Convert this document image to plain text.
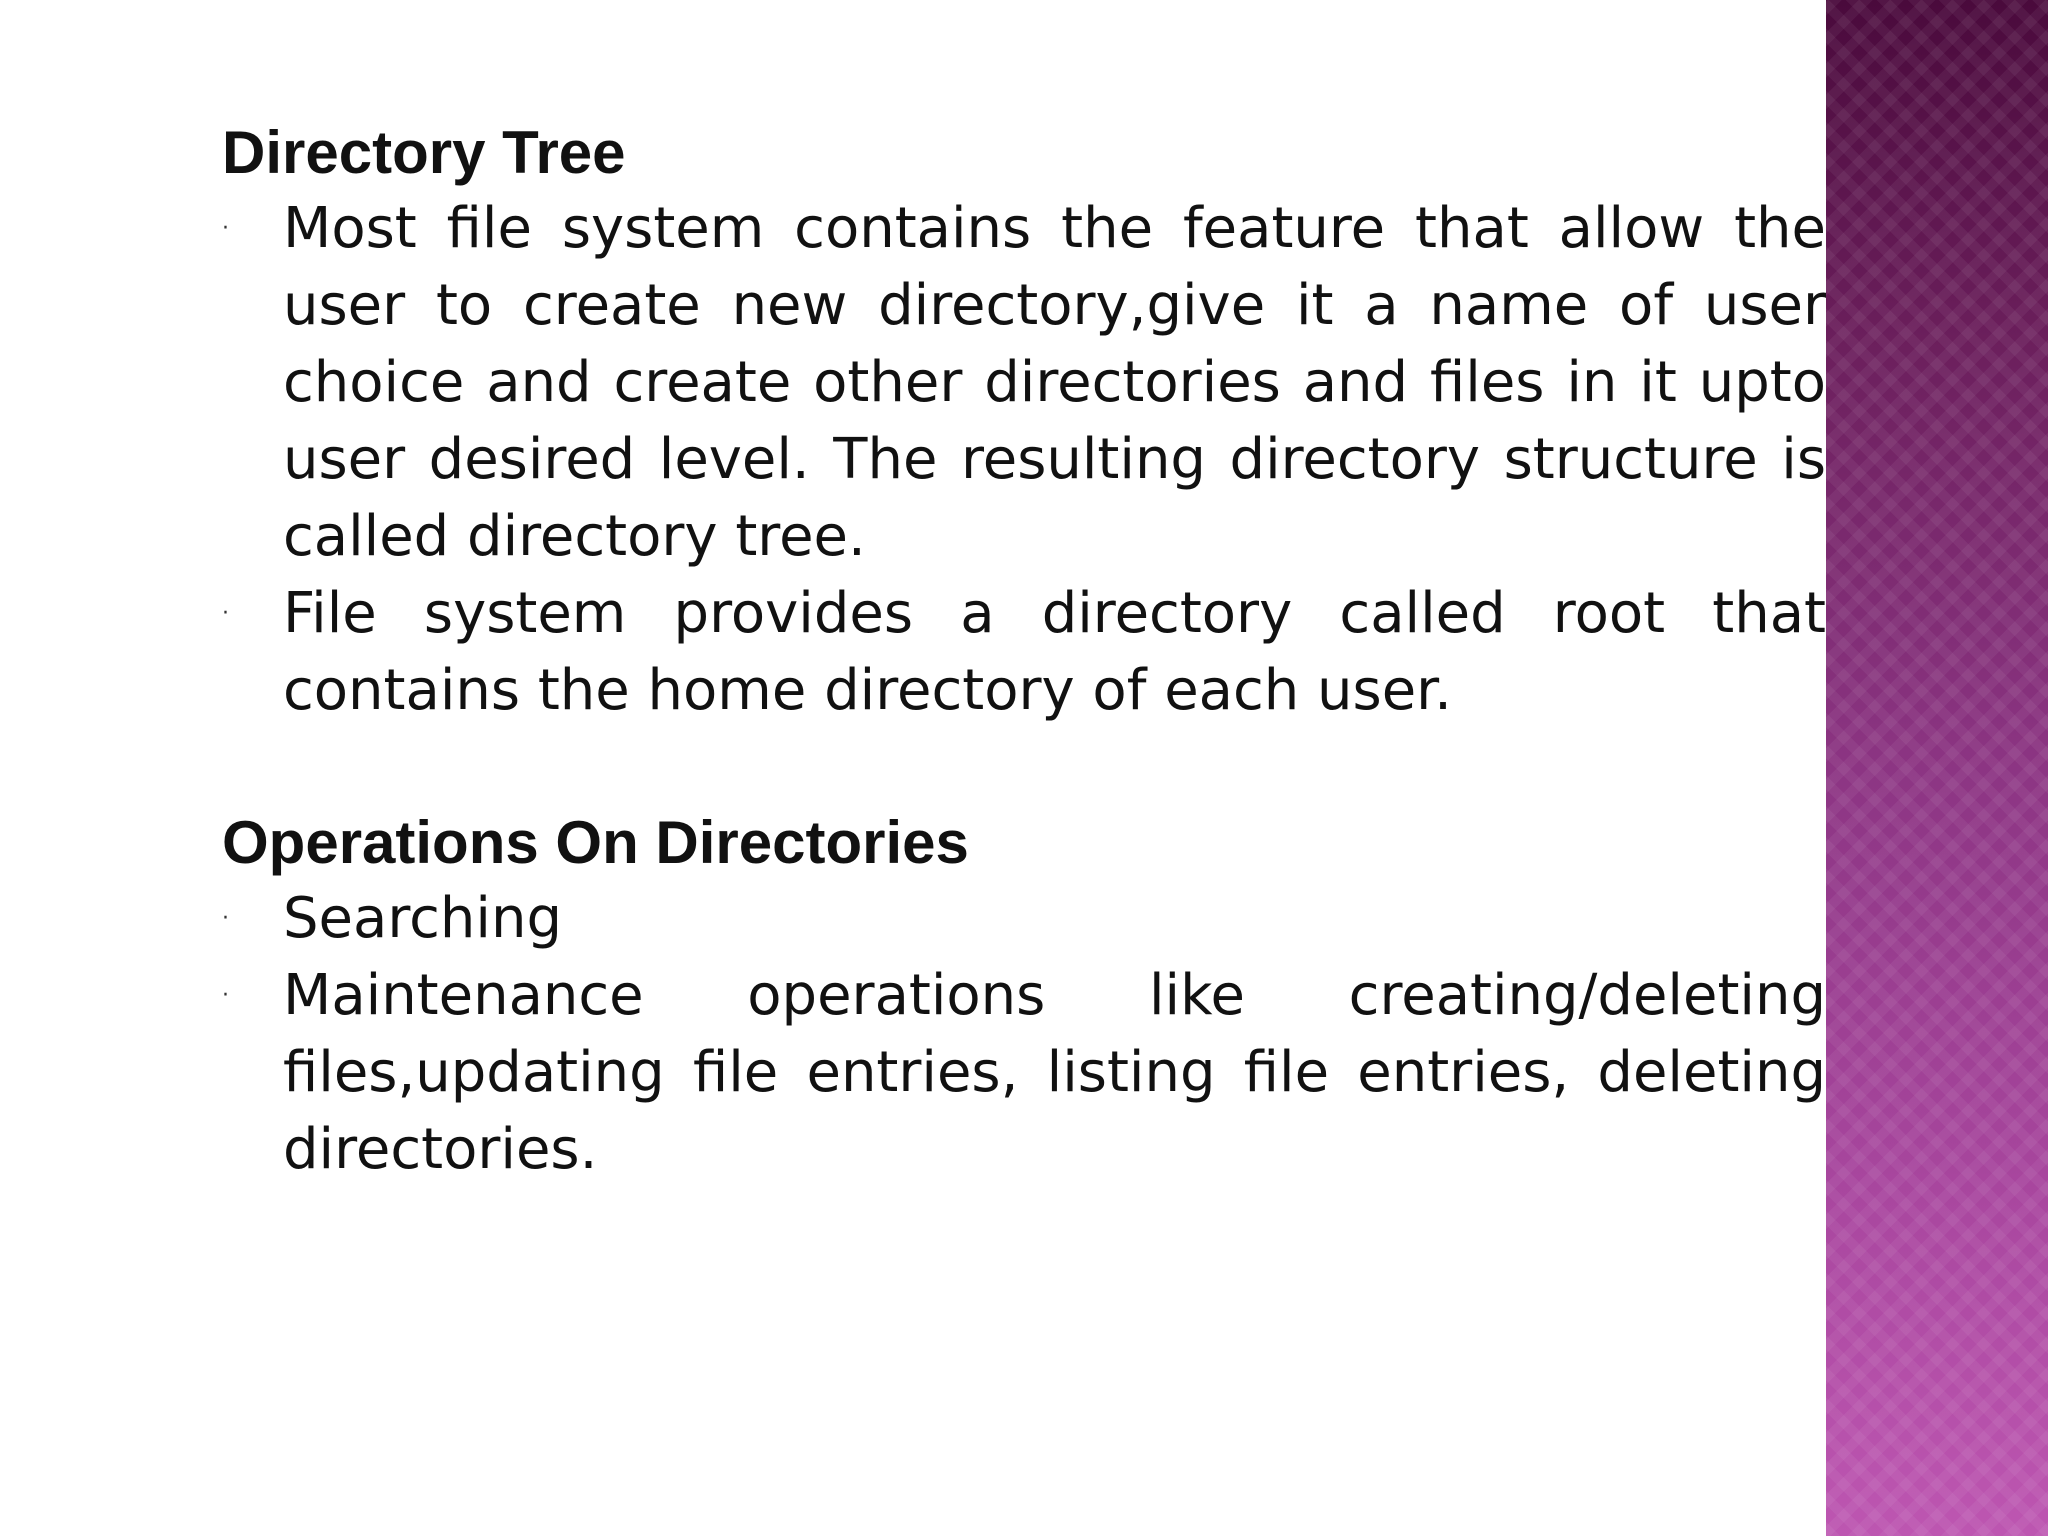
Directory Tree
· Most file system contains the feature that allow the user to create new directory,give it a name of user choice and create other directories and files in it upto user desired level. The resulting directory structure is called directory tree.
· File system provides a directory called root that contains the home directory of each user.
Operations On Directories
· Searching
· Maintenance operations like creating/deleting files,updating file entries, listing file entries, deleting directories.
